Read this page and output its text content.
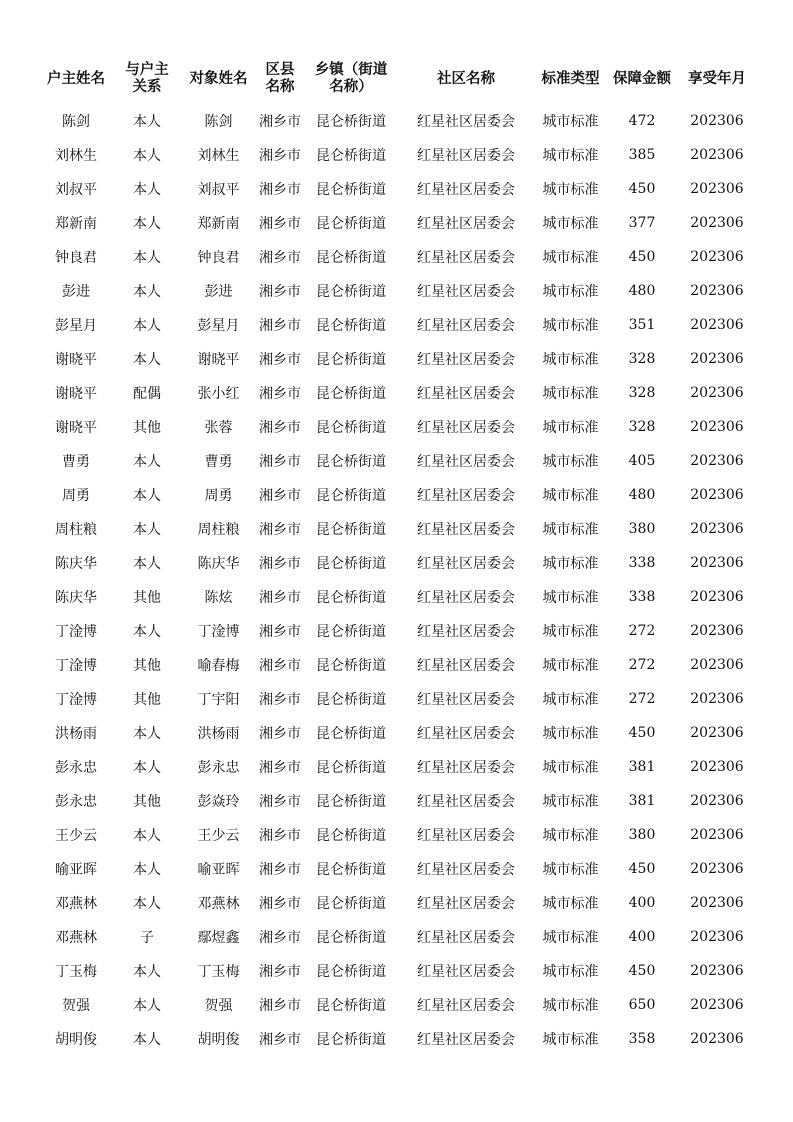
户主姓名	与户主
关系	对象姓名	区县
名称	乡镇（街道
名称）	社区名称	标准类型	保障金额	享受年月
陈剑	本人	陈剑	湘乡市	昆仑桥街道	红星社区居委会	城市标准	472	202306
刘林生	本人	刘林生	湘乡市	昆仑桥街道	红星社区居委会	城市标准	385	202306
刘叔平	本人	刘叔平	湘乡市	昆仑桥街道	红星社区居委会	城市标准	450	202306
郑新南	本人	郑新南	湘乡市	昆仑桥街道	红星社区居委会	城市标准	377	202306
钟良君	本人	钟良君	湘乡市	昆仑桥街道	红星社区居委会	城市标准	450	202306
彭进	本人	彭进	湘乡市	昆仑桥街道	红星社区居委会	城市标准	480	202306
彭星月	本人	彭星月	湘乡市	昆仑桥街道	红星社区居委会	城市标准	351	202306
谢晓平	本人	谢晓平	湘乡市	昆仑桥街道	红星社区居委会	城市标准	328	202306
谢晓平	配偶	张小红	湘乡市	昆仑桥街道	红星社区居委会	城市标准	328	202306
谢晓平	其他	张蓉	湘乡市	昆仑桥街道	红星社区居委会	城市标准	328	202306
曹勇	本人	曹勇	湘乡市	昆仑桥街道	红星社区居委会	城市标准	405	202306
周勇	本人	周勇	湘乡市	昆仑桥街道	红星社区居委会	城市标准	480	202306
周柱粮	本人	周柱粮	湘乡市	昆仑桥街道	红星社区居委会	城市标准	380	202306
陈庆华	本人	陈庆华	湘乡市	昆仑桥街道	红星社区居委会	城市标准	338	202306
陈庆华	其他	陈炫	湘乡市	昆仑桥街道	红星社区居委会	城市标准	338	202306
丁淦博	本人	丁淦博	湘乡市	昆仑桥街道	红星社区居委会	城市标准	272	202306
丁淦博	其他	喻春梅	湘乡市	昆仑桥街道	红星社区居委会	城市标准	272	202306
丁淦博	其他	丁宇阳	湘乡市	昆仑桥街道	红星社区居委会	城市标准	272	202306
洪杨雨	本人	洪杨雨	湘乡市	昆仑桥街道	红星社区居委会	城市标准	450	202306
彭永忠	本人	彭永忠	湘乡市	昆仑桥街道	红星社区居委会	城市标准	381	202306
彭永忠	其他	彭焱玲	湘乡市	昆仑桥街道	红星社区居委会	城市标准	381	202306
王少云	本人	王少云	湘乡市	昆仑桥街道	红星社区居委会	城市标准	380	202306
喻亚晖	本人	喻亚晖	湘乡市	昆仑桥街道	红星社区居委会	城市标准	450	202306
邓燕林	本人	邓燕林	湘乡市	昆仑桥街道	红星社区居委会	城市标准	400	202306
邓燕林	子	鄢煜鑫	湘乡市	昆仑桥街道	红星社区居委会	城市标准	400	202306
丁玉梅	本人	丁玉梅	湘乡市	昆仑桥街道	红星社区居委会	城市标准	450	202306
贺强	本人	贺强	湘乡市	昆仑桥街道	红星社区居委会	城市标准	650	202306
胡明俊	本人	胡明俊	湘乡市	昆仑桥街道	红星社区居委会	城市标准	358	202306
